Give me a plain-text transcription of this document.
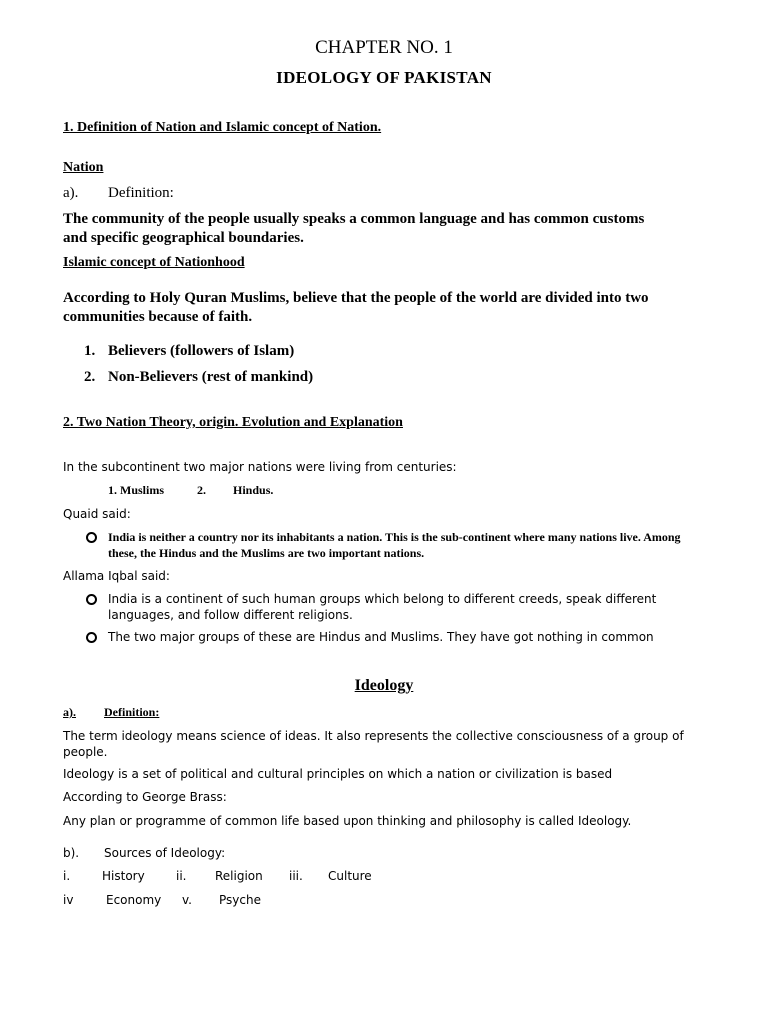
CHAPTER NO. 1
IDEOLOGY OF PAKISTAN
1. Definition of Nation and Islamic concept of Nation.
Nation
a). Definition:
The community of the people usually speaks a common language and has common customs and specific geographical boundaries.
Islamic concept of Nationhood
According to Holy Quran Muslims, believe that the people of the world are divided into two communities because of faith.
1. Believers (followers of Islam)
2. Non-Believers (rest of mankind)
2. Two Nation Theory, origin. Evolution and Explanation
In the subcontinent two major nations were living from centuries:
1. Muslims	2. Hindus.
Quaid said:
India is neither a country nor its inhabitants a nation. This is the sub-continent where many nations live. Among these, the Hindus and the Muslims are two important nations.
Allama Iqbal said:
India is a continent of such human groups which belong to different creeds, speak different languages, and follow different religions.
The two major groups of these are Hindus and Muslims. They have got nothing in common
Ideology
a). Definition:
The term ideology means science of ideas. It also represents the collective consciousness of a group of people.
Ideology is a set of political and cultural principles on which a nation or civilization is based
According to George Brass:
Any plan or programme of common life based upon thinking and philosophy is called Ideology.
b). Sources of Ideology:
i.	History	ii. Religion iii. Culture
iv	Economy v. Psyche
